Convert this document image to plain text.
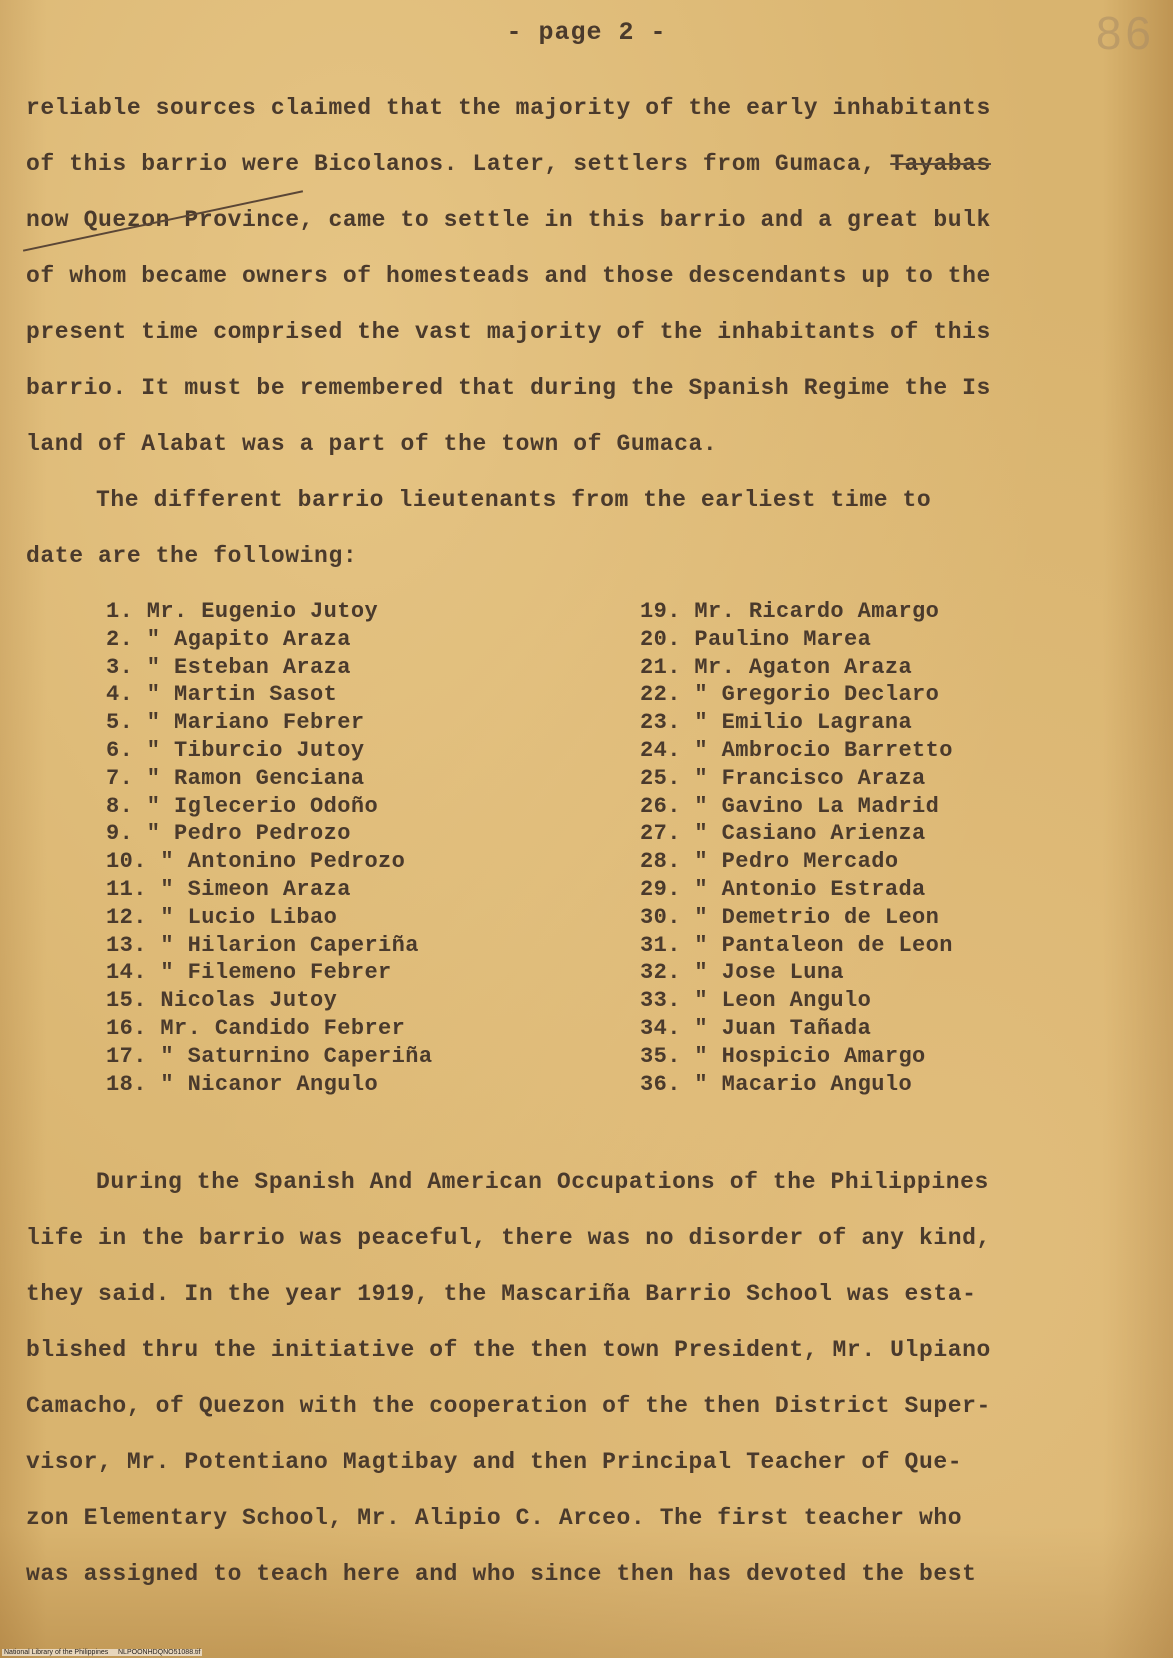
- page 2 -	86
reliable sources claimed that the majority of the early inhabitants
of this barrio were Bicolanos. Later, settlers from Gumaca, Tayabas
now Quezon Province, came to settle in this barrio and a great bulk
of whom became owners of homesteads and those descendants up to the
present time comprised the vast majority of the inhabitants of this
barrio. It must be remembered that during the Spanish Regime the Is
land of Alabat was a part of the town of Gumaca.
The different barrio lieutenants from the earliest time to
date are the following:
1. Mr. Eugenio Jutoy
2. " Agapito Araza
3. " Esteban Araza
4. " Martin Sasot
5. " Mariano Febrer
6. " Tiburcio Jutoy
7. " Ramon Genciana
8. " Iglecerio Odoño
9. " Pedro Pedrozo
10. " Antonino Pedrozo
11. " Simeon Araza
12. " Lucio Libao
13. " Hilarion Caperiña
14. " Filemeno Febrer
15. Nicolas Jutoy
16. Mr. Candido Febrer
17. " Saturnino Caperiña
18. " Nicanor Angulo
19. Mr. Ricardo Amargo
20. Paulino Marea
21. Mr. Agaton Araza
22. " Gregorio Declaro
23. " Emilio Lagrana
24. " Ambrocio Barretto
25. " Francisco Araza
26. " Gavino La Madrid
27. " Casiano Arienza
28. " Pedro Mercado
29. " Antonio Estrada
30. " Demetrio de Leon
31. " Pantaleon de Leon
32. " Jose Luna
33. " Leon Angulo
34. " Juan Tañada
35. " Hospicio Amargo
36. " Macario Angulo
During the Spanish And American Occupations of the Philippines
life in the barrio was peaceful, there was no disorder of any kind,
they said. In the year 1919, the Mascariña Barrio School was esta-
blished thru the initiative of the then town President, Mr. Ulpiano
Camacho, of Quezon with the cooperation of the then District Super-
visor, Mr. Potentiano Magtibay and then Principal Teacher of Que-
zon Elementary School, Mr. Alipio C. Arceo. The first teacher who
was assigned to teach here and who since then has devoted the best
National Library of the Philippines     NLPOONHDQNO51088.tif
